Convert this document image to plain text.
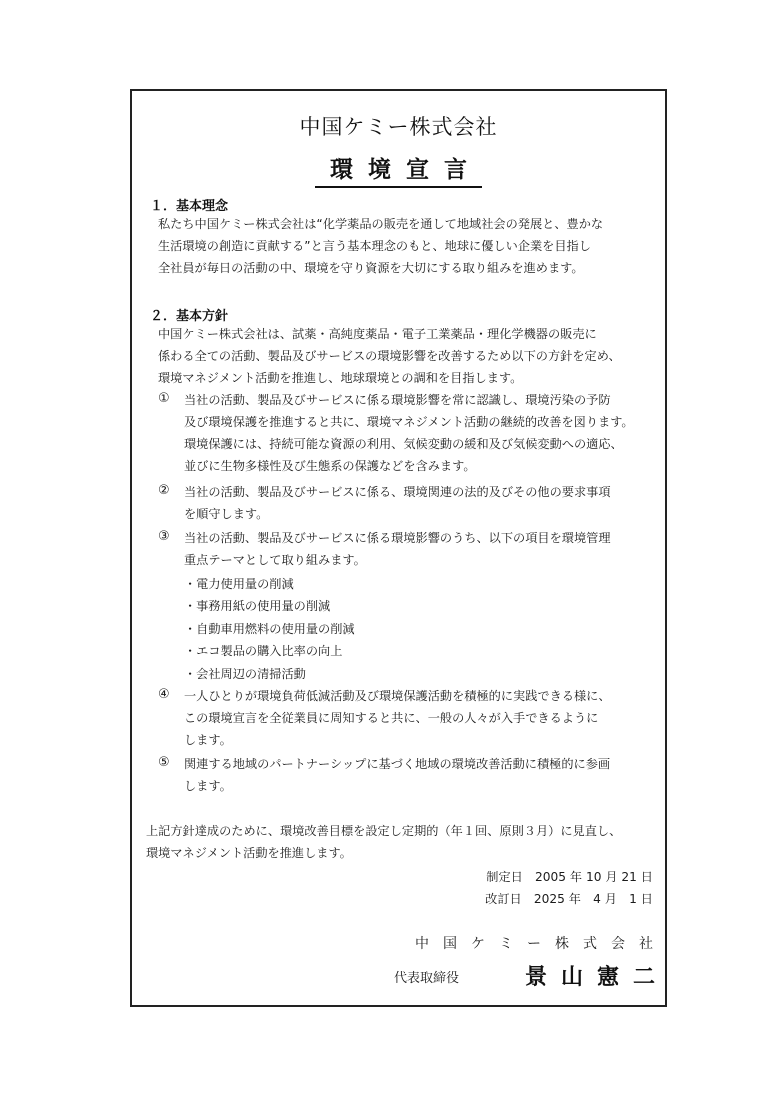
中国ケミー株式会社
環境宣言
１．基本理念
私たち中国ケミー株式会社は“化学薬品の販売を通して地域社会の発展と、豊かな
生活環境の創造に貢献する”と言う基本理念のもと、地球に優しい企業を目指し
全社員が毎日の活動の中、環境を守り資源を大切にする取り組みを進めます。
２．基本方針
中国ケミー株式会社は、試薬・高純度薬品・電子工業薬品・理化学機器の販売に
係わる全ての活動、製品及びサービスの環境影響を改善するため以下の方針を定め、
環境マネジメント活動を推進し、地球環境との調和を目指します。
① 当社の活動、製品及びサービスに係る環境影響を常に認識し、環境汚染の予防
及び環境保護を推進すると共に、環境マネジメント活動の継続的改善を図ります。
環境保護には、持続可能な資源の利用、気候変動の緩和及び気候変動への適応、
並びに生物多様性及び生態系の保護などを含みます。
② 当社の活動、製品及びサービスに係る、環境関連の法的及びその他の要求事項
を順守します。
③ 当社の活動、製品及びサービスに係る環境影響のうち、以下の項目を環境管理
重点テーマとして取り組みます。
・電力使用量の削減
・事務用紙の使用量の削減
・自動車用燃料の使用量の削減
・エコ製品の購入比率の向上
・会社周辺の清掃活動
④ 一人ひとりが環境負荷低減活動及び環境保護活動を積極的に実践できる様に、
この環境宣言を全従業員に周知すると共に、一般の人々が入手できるように
します。
⑤ 関連する地域のパートナーシップに基づく地域の環境改善活動に積極的に参画
します。
上記方針達成のために、環境改善目標を設定し定期的（年１回、原則３月）に見直し、
環境マネジメント活動を推進します。
制定日　2005 年 10 月 21 日
改訂日　2025 年　4 月　1 日
中国ケミー株式会社
代表取締役	景山憲二
